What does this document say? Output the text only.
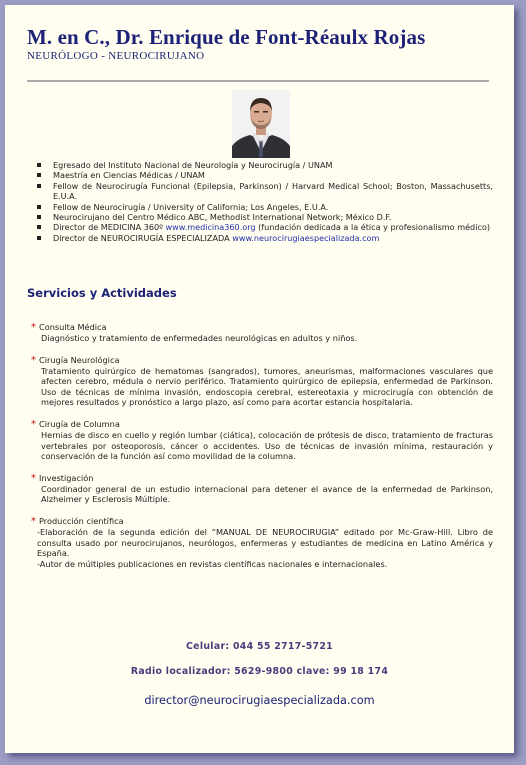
M. en C., Dr. Enrique de Font-Réaulx Rojas
NEURÓLOGO - NEUROCIRUJANO
Egresado del Instituto Nacional de Neurología y Neurocirugía / UNAM
Maestría en Ciencias Médicas / UNAM
Fellow de Neurocirugía Funcional (Epilepsia, Parkinson) / Harvard Medical School; Boston, Massachusetts, E.U.A.
Fellow de Neurocirugía / University of California; Los Angeles, E.U.A.
Neurocirujano del Centro Médico ABC, Methodist International Network; México D.F.
Director de MEDICINA 360º www.medicina360.org (fundación dedicada a la ética y profesionalismo médico)
Director de NEUROCIRUGÍA ESPECIALIZADA www.neurocirugiaespecializada.com
Servicios y Actividades
* Consulta Médica

Diagnóstico y tratamiento de enfermedades neurológicas en adultos y niños.

* Cirugía Neurológica

Tratamiento quirúrgico de hematomas (sangrados), tumores, aneurismas, malformaciones vasculares que afecten cerebro, médula o nervio periférico. Tratamiento quirúrgico de epilepsia, enfermedad de Parkinson. Uso de técnicas de mínima invasión, endoscopia cerebral, estereotaxia y microcirugía con obtención de mejores resultados y pronóstico a largo plazo, así como para acortar estancia hospitalaria.

* Cirugía de Columna

Hernias de disco en cuello y región lumbar (ciática), colocación de prótesis de disco, tratamiento de fracturas vertebrales por osteoporosis, cáncer o accidentes. Uso de técnicas de invasión mínima, restauración y conservación de la función así como movilidad de la columna.

* Investigación

Coordinador general de un estudio internacional para detener el avance de la enfermedad de Parkinson, Alzheimer y Esclerosis Múltiple.

* Producción científica

-Elaboración de la segunda edición del “MANUAL DE NEUROCIRUGIA” editado por Mc-Graw-Hill. Libro de consulta usado por neurocirujanos, neurólogos, enfermeras y estudiantes de medicina en Latino América y España.

-Autor de múltiples publicaciones en revistas científicas nacionales e internacionales.

Celular: 044 55 2717-5721
Radio localizador: 5629-9800 clave: 99 18 174
director@neurocirugiaespecializada.com
